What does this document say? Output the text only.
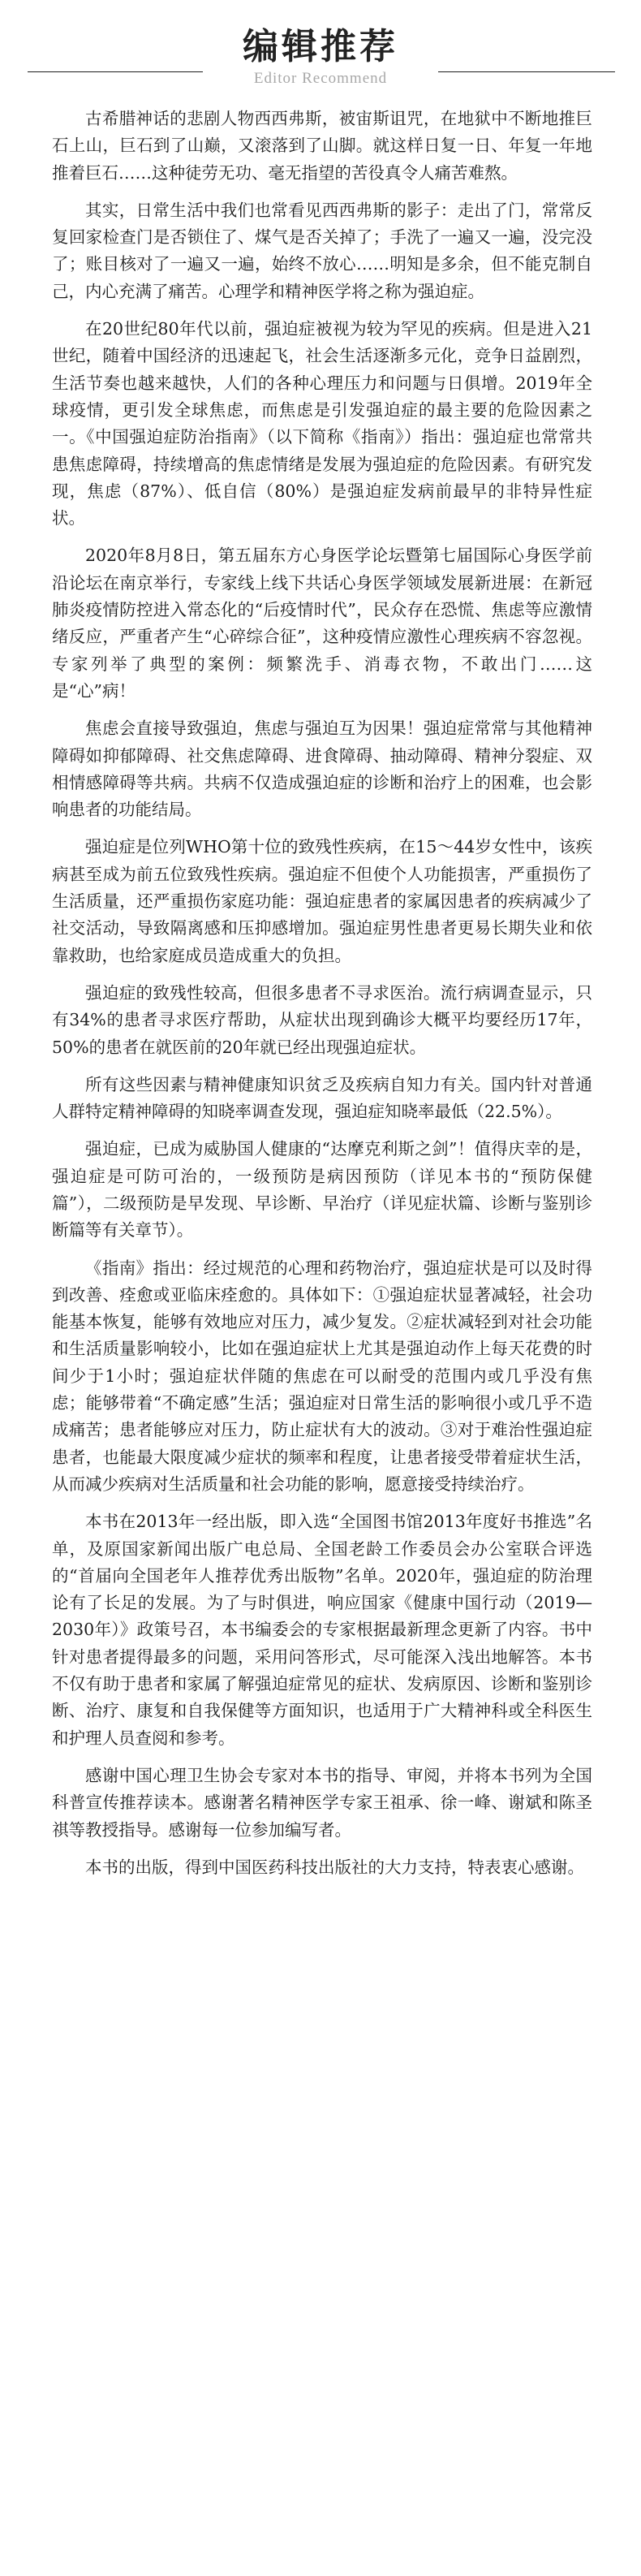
编辑推荐
Editor Recommend

古希腊神话的悲剧人物西西弗斯，被宙斯诅咒，在地狱中不断地推巨石上山，巨石到了山巅，又滚落到了山脚。就这样日复一日、年复一年地推着巨石……这种徒劳无功、毫无指望的苦役真令人痛苦难熬。

其实，日常生活中我们也常看见西西弗斯的影子：走出了门，常常反复回家检查门是否锁住了、煤气是否关掉了；手洗了一遍又一遍，没完没了；账目核对了一遍又一遍，始终不放心……明知是多余，但不能克制自己，内心充满了痛苦。心理学和精神医学将之称为强迫症。

在20世纪80年代以前，强迫症被视为较为罕见的疾病。但是进入21世纪，随着中国经济的迅速起飞，社会生活逐渐多元化，竞争日益剧烈，生活节奏也越来越快，人们的各种心理压力和问题与日俱增。2019年全球疫情，更引发全球焦虑，而焦虑是引发强迫症的最主要的危险因素之一。《中国强迫症防治指南》（以下简称《指南》）指出：强迫症也常常共患焦虑障碍，持续增高的焦虑情绪是发展为强迫症的危险因素。有研究发现，焦虑（87%）、低自信（80%）是强迫症发病前最早的非特异性症状。

2020年8月8日，第五届东方心身医学论坛暨第七届国际心身医学前沿论坛在南京举行，专家线上线下共话心身医学领域发展新进展：在新冠肺炎疫情防控进入常态化的“后疫情时代”，民众存在恐慌、焦虑等应激情绪反应，严重者产生“心碎综合征”，这种疫情应激性心理疾病不容忽视。专家列举了典型的案例：频繁洗手、消毒衣物，不敢出门……这是“心”病！

焦虑会直接导致强迫，焦虑与强迫互为因果！强迫症常常与其他精神障碍如抑郁障碍、社交焦虑障碍、进食障碍、抽动障碍、精神分裂症、双相情感障碍等共病。共病不仅造成强迫症的诊断和治疗上的困难，也会影响患者的功能结局。

强迫症是位列WHO第十位的致残性疾病，在15～44岁女性中，该疾病甚至成为前五位致残性疾病。强迫症不但使个人功能损害，严重损伤了生活质量，还严重损伤家庭功能：强迫症患者的家属因患者的疾病减少了社交活动，导致隔离感和压抑感增加。强迫症男性患者更易长期失业和依靠救助，也给家庭成员造成重大的负担。

强迫症的致残性较高，但很多患者不寻求医治。流行病调查显示，只有34%的患者寻求医疗帮助，从症状出现到确诊大概平均要经历17年，50%的患者在就医前的20年就已经出现强迫症状。

所有这些因素与精神健康知识贫乏及疾病自知力有关。国内针对普通人群特定精神障碍的知晓率调查发现，强迫症知晓率最低（22.5%）。

强迫症，已成为威胁国人健康的“达摩克利斯之剑”！值得庆幸的是，强迫症是可防可治的，一级预防是病因预防（详见本书的“预防保健篇”），二级预防是早发现、早诊断、早治疗（详见症状篇、诊断与鉴别诊断篇等有关章节）。

《指南》指出：经过规范的心理和药物治疗，强迫症状是可以及时得到改善、痊愈或亚临床痊愈的。具体如下：①强迫症状显著减轻，社会功能基本恢复，能够有效地应对压力，减少复发。②症状减轻到对社会功能和生活质量影响较小，比如在强迫症状上尤其是强迫动作上每天花费的时间少于1小时；强迫症状伴随的焦虑在可以耐受的范围内或几乎没有焦虑；能够带着“不确定感”生活；强迫症对日常生活的影响很小或几乎不造成痛苦；患者能够应对压力，防止症状有大的波动。③对于难治性强迫症患者，也能最大限度减少症状的频率和程度，让患者接受带着症状生活，从而减少疾病对生活质量和社会功能的影响，愿意接受持续治疗。

本书在2013年一经出版，即入选“全国图书馆2013年度好书推选”名单，及原国家新闻出版广电总局、全国老龄工作委员会办公室联合评选的“首届向全国老年人推荐优秀出版物”名单。2020年，强迫症的防治理论有了长足的发展。为了与时俱进，响应国家《健康中国行动（2019—2030年）》政策号召，本书编委会的专家根据最新理念更新了内容。书中针对患者提得最多的问题，采用问答形式，尽可能深入浅出地解答。本书不仅有助于患者和家属了解强迫症常见的症状、发病原因、诊断和鉴别诊断、治疗、康复和自我保健等方面知识，也适用于广大精神科或全科医生和护理人员查阅和参考。

感谢中国心理卫生协会专家对本书的指导、审阅，并将本书列为全国科普宣传推荐读本。感谢著名精神医学专家王祖承、徐一峰、谢斌和陈圣祺等教授指导。感谢每一位参加编写者。

本书的出版，得到中国医药科技出版社的大力支持，特表衷心感谢。
